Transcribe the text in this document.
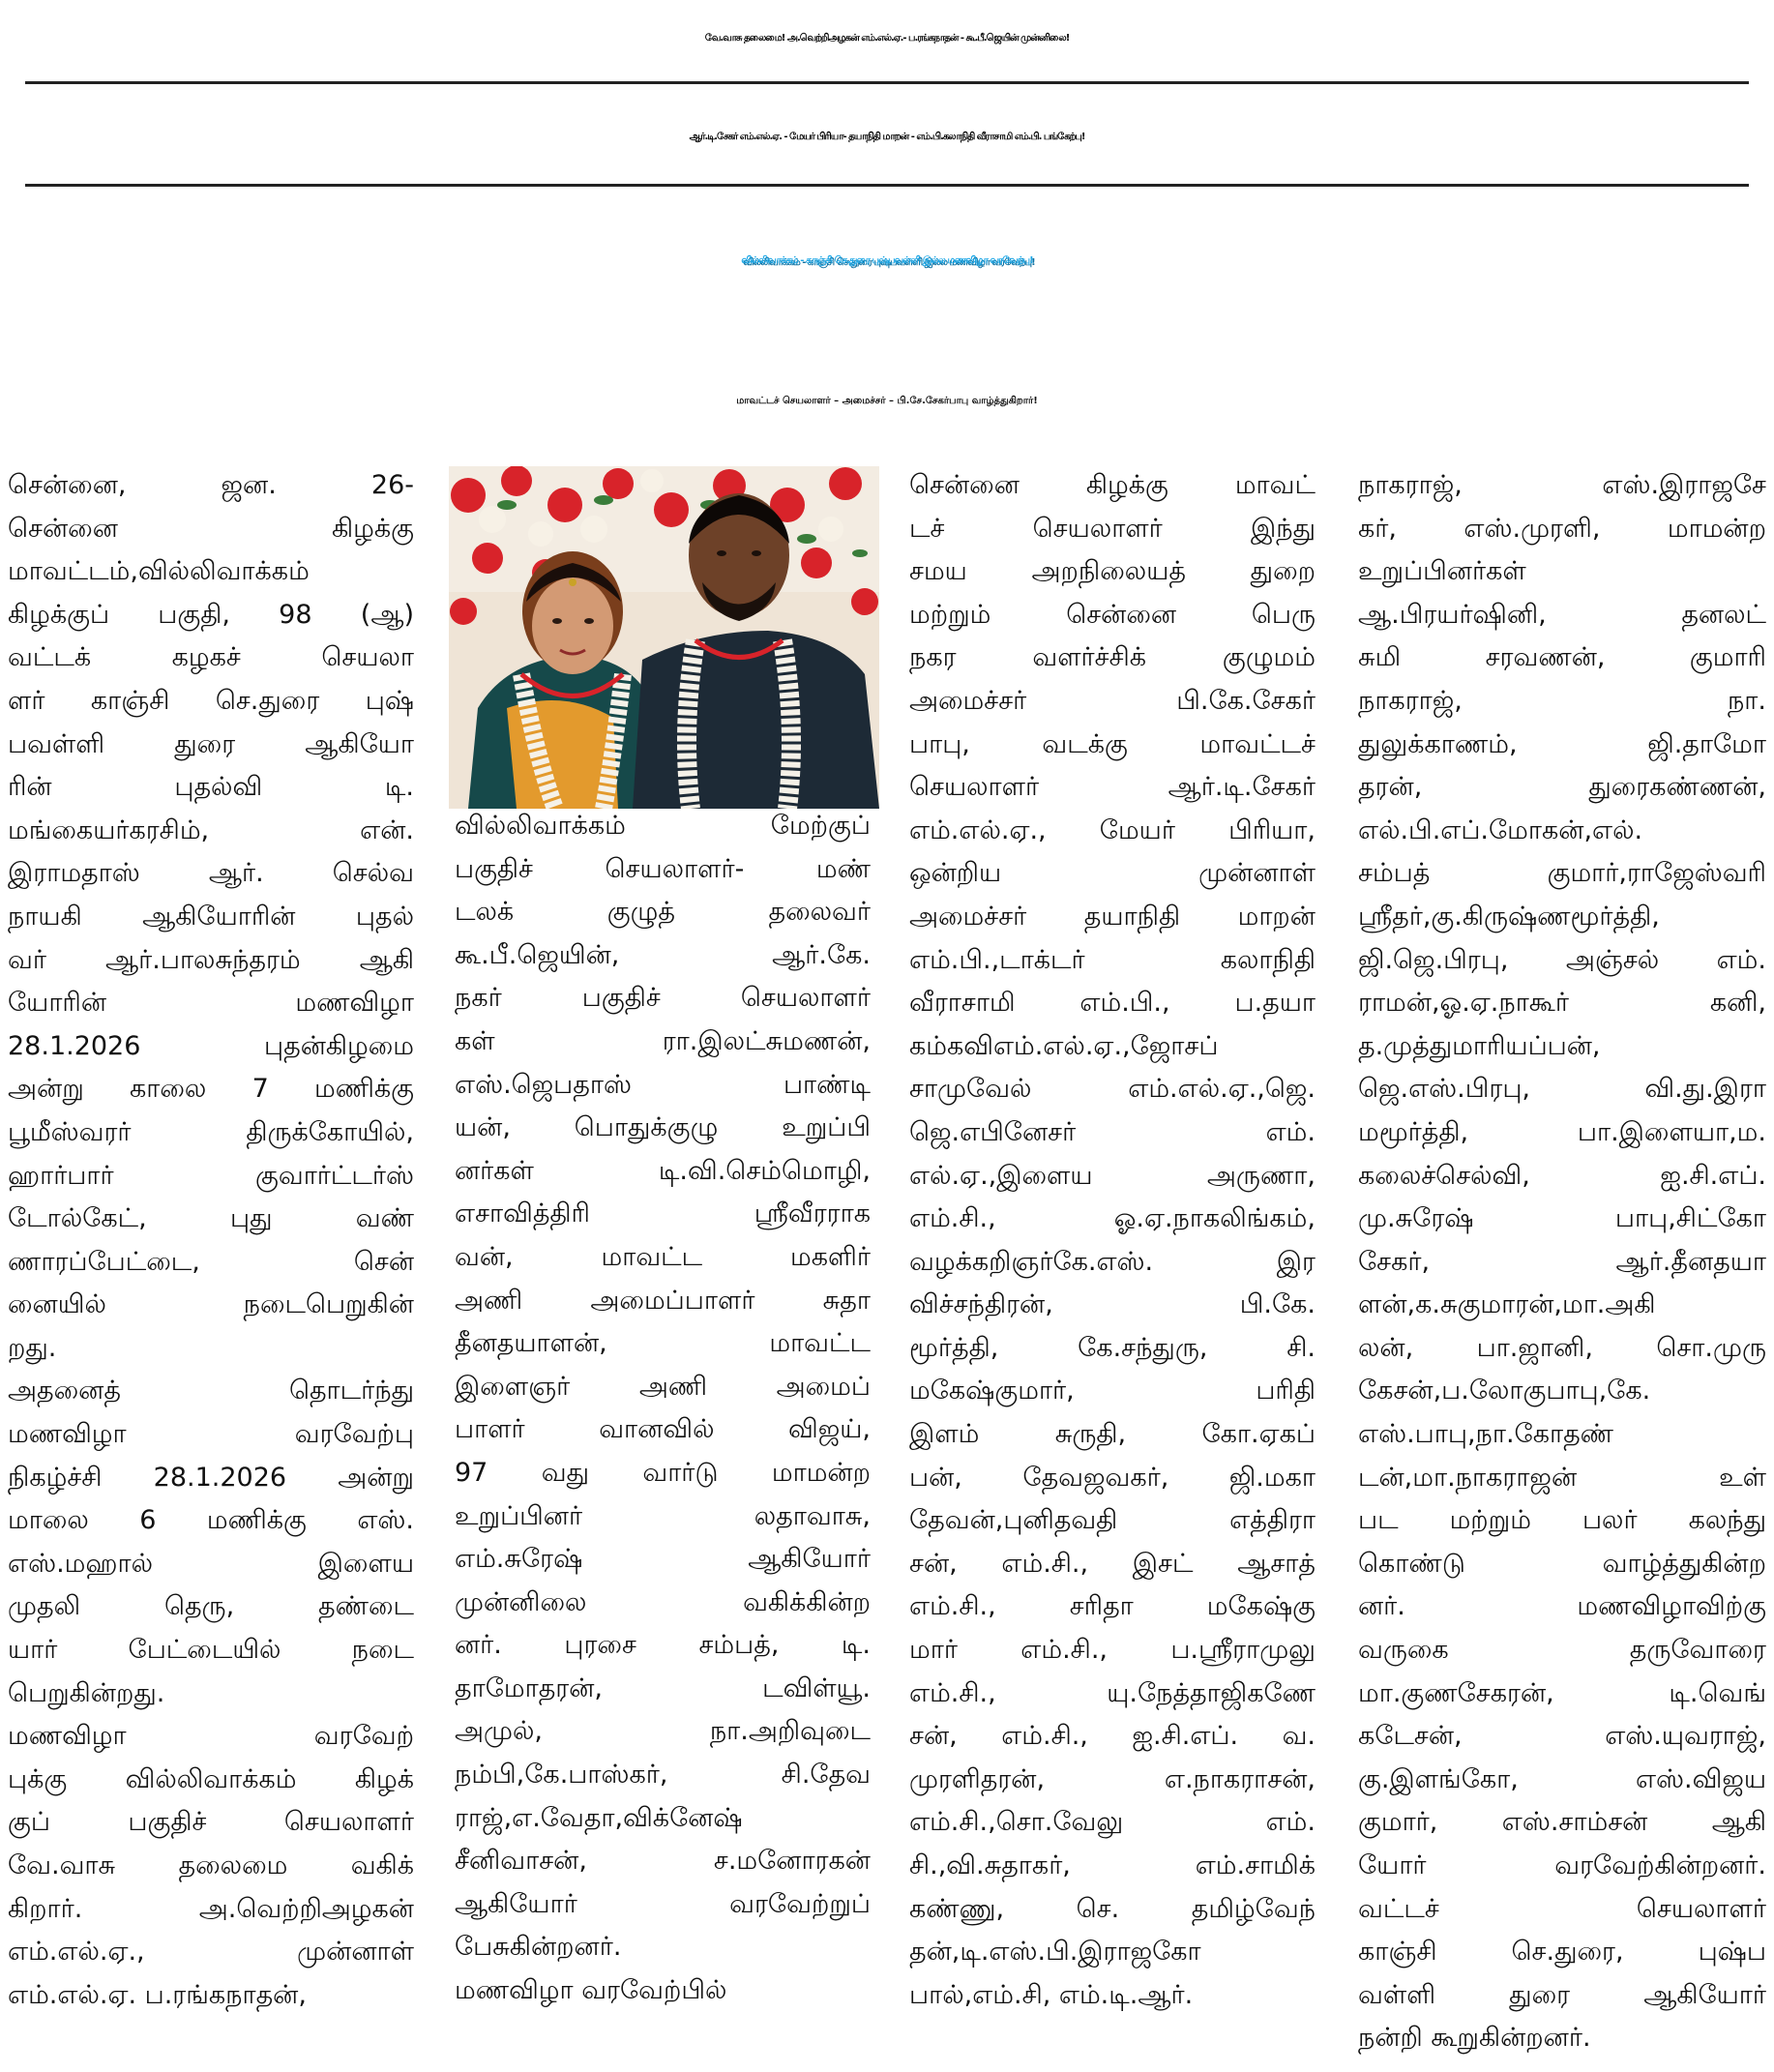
வே.வாசு தலைமை! அ.வெற்றிஅழகன் எம்.எல்.ஏ.- ப.ரங்கநாதன் - கூ.பீ.ஜெயின் முன்னிலை!
ஆர்.டி.சேகர் எம்.எல்.ஏ. - மேயர் பிரியா- தயாநிதி மாறன் - எம்.பி.கலாநிதி வீராசாமி எம்.பி. பங்கேற்பு!
வில்லிவாக்கம் - காஞ்சி செ.துரை புஷ்பவள்ளி இல்ல மணவிழா வரவேற்பு!
மாவட்டச் செயலாளர் – அமைச்சர் – பி.சே.சேகர்பாபு வாழ்த்துகிறார்!
சென்னை, ஜன. 26-
சென்னை கிழக்கு
மாவட்டம்,வில்லிவாக்கம்
கிழக்குப் பகுதி, 98 (ஆ)
வட்டக் கழகச் செயலா
ளர் காஞ்சி செ.துரை புஷ்
பவள்ளி துரை ஆகியோ
ரின் புதல்வி டி.
மங்கையர்கரசிம், என்.
இராமதாஸ் ஆர். செல்வ
நாயகி ஆகியோரின் புதல்
வர் ஆர்.பாலசுந்தரம் ஆகி
யோரின் மணவிழா
28.1.2026 புதன்கிழமை
அன்று காலை 7 மணிக்கு
பூமீஸ்வரர் திருக்கோயில்,
ஹார்பார் குவார்ட்டர்ஸ்
டோல்கேட், புது வண்
ணாரப்பேட்டை, சென்
னையில் நடைபெறுகின்
றது.
அதனைத் தொடர்ந்து
மணவிழா வரவேற்பு
நிகழ்ச்சி 28.1.2026 அன்று
மாலை 6 மணிக்கு எஸ்.
எஸ்.மஹால் இளைய
முதலி தெரு, தண்டை
யார் பேட்டையில் நடை
பெறுகின்றது.
மணவிழா வரவேற்
புக்கு வில்லிவாக்கம் கிழக்
குப் பகுதிச் செயலாளர்
வே.வாசு தலைமை வகிக்
கிறார். அ.வெற்றிஅழகன்
எம்.எல்.ஏ., முன்னாள்
எம்.எல்.ஏ. ப.ரங்கநாதன்,
வில்லிவாக்கம் மேற்குப்
பகுதிச் செயலாளர்- மண்
டலக் குழுத் தலைவர்
கூ.பீ.ஜெயின், ஆர்.கே.
நகர் பகுதிச் செயலாளர்
கள் ரா.இலட்சுமணன்,
எஸ்.ஜெபதாஸ் பாண்டி
யன், பொதுக்குழு உறுப்பி
னர்கள் டி.வி.செம்மொழி,
எசாவித்திரி ஸ்ரீவீரராக
வன், மாவட்ட மகளிர்
அணி அமைப்பாளர் சுதா
தீனதயாளன், மாவட்ட
இளைஞர் அணி அமைப்
பாளர் வானவில் விஜய்,
97 வது வார்டு மாமன்ற
உறுப்பினர் லதாவாசு,
எம்.சுரேஷ் ஆகியோர்
முன்னிலை வகிக்கின்ற
னர். புரசை சம்பத், டி.
தாமோதரன், டவிள்யூ.
அமுல், நா.அறிவுடை
நம்பி,கே.பாஸ்கர், சி.தேவ
ராஜ்,எ.வேதா,விக்னேஷ்
சீனிவாசன், ச.மனோரகன்
ஆகியோர் வரவேற்றுப்
பேசுகின்றனர்.
மணவிழா வரவேற்பில்
சென்னை கிழக்கு மாவட்
டச் செயலாளர் இந்து
சமய அறநிலையத் துறை
மற்றும் சென்னை பெரு
நகர வளர்ச்சிக் குழுமம்
அமைச்சர் பி.கே.சேகர்
பாபு, வடக்கு மாவட்டச்
செயலாளர் ஆர்.டி.சேகர்
எம்.எல்.ஏ., மேயர் பிரியா,
ஒன்றிய முன்னாள்
அமைச்சர் தயாநிதி மாறன்
எம்.பி.,டாக்டர் கலாநிதி
வீராசாமி எம்.பி., ப.தயா
கம்கவிஎம்.எல்.ஏ.,ஜோசப்
சாமுவேல் எம்.எல்.ஏ.,ஜெ.
ஜெ.எபினேசர் எம்.
எல்.ஏ.,இளைய அருணா,
எம்.சி., ஓ.ஏ.நாகலிங்கம்,
வழக்கறிஞர்கே.எஸ். இர
விச்சந்திரன், பி.கே.
மூர்த்தி, கே.சந்துரு, சி.
மகேஷ்குமார், பரிதி
இளம் சுருதி, கோ.ஏகப்
பன், தேவஜவகர், ஜி.மகா
தேவன்,புனிதவதி எத்திரா
சன், எம்.சி., இசட் ஆசாத்
எம்.சி., சரிதா மகேஷ்கு
மார் எம்.சி., ப.ஸ்ரீராமுலு
எம்.சி., யு.நேத்தாஜிகணே
சன், எம்.சி., ஐ.சி.எப். வ.
முரளிதரன், எ.நாகராசன்,
எம்.சி.,சொ.வேலு எம்.
சி.,வி.சுதாகர், எம்.சாமிக்
கண்ணு, செ. தமிழ்வேந்
தன்,டி.எஸ்.பி.இராஜகோ
பால்,எம்.சி, எம்.டி.ஆர்.
நாகராஜ், எஸ்.இராஜசே
கர், எஸ்.முரளி, மாமன்ற
உறுப்பினர்கள்
ஆ.பிரயர்ஷினி, தனலட்
சுமி சரவணன், குமாரி
நாகராஜ், நா.
துலுக்காணம், ஜி.தாமோ
தரன், துரைகண்ணன்,
எல்.பி.எப்.மோகன்,எல்.
சம்பத் குமார்,ராஜேஸ்வரி
ஸ்ரீதர்,கு.கிருஷ்ணமூர்த்தி,
ஜி.ஜெ.பிரபு, அஞ்சல் எம்.
ராமன்,ஓ.ஏ.நாகூர் கனி,
த.முத்துமாரியப்பன்,
ஜெ.எஸ்.பிரபு, வி.து.இரா
மமூர்த்தி, பா.இளையா,ம.
கலைச்செல்வி, ஐ.சி.எப்.
மு.சுரேஷ் பாபு,சிட்கோ
சேகர், ஆர்.தீனதயா
ளன்,க.சுகுமாரன்,மா.அகி
லன், பா.ஜானி, சொ.முரு
கேசன்,ப.லோகுபாபு,கே.
எஸ்.பாபு,நா.கோதண்
டன்,மா.நாகராஜன் உள்
பட மற்றும் பலர் கலந்து
கொண்டு வாழ்த்துகின்ற
னர். மணவிழாவிற்கு
வருகை தருவோரை
மா.குணசேகரன், டி.வெங்
கடேசன், எஸ்.யுவராஜ்,
கு.இளங்கோ, எஸ்.விஜய
குமார், எஸ்.சாம்சன் ஆகி
யோர் வரவேற்கின்றனர்.
வட்டச் செயலாளர்
காஞ்சி செ.துரை, புஷ்ப
வள்ளி துரை ஆகியோர்
நன்றி கூறுகின்றனர்.
